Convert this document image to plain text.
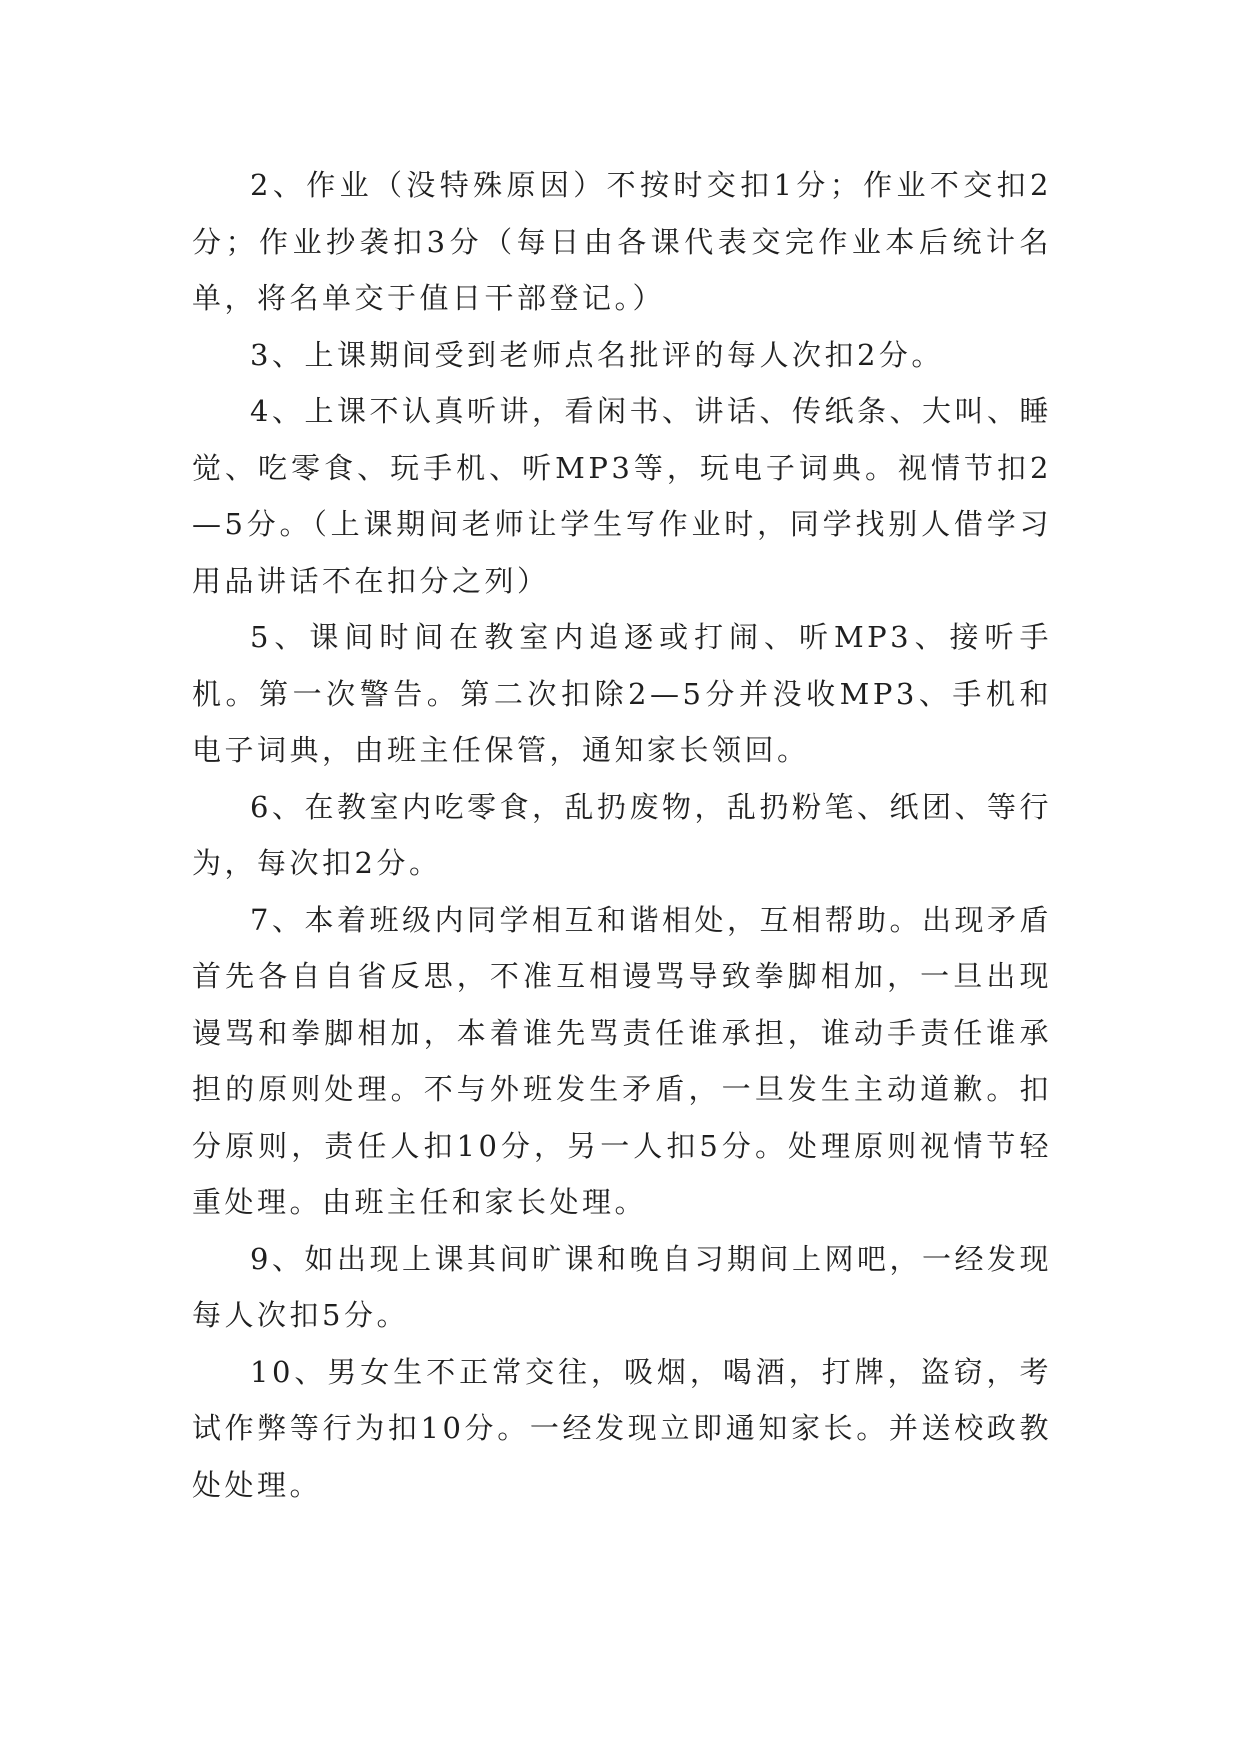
2、作业（没特殊原因）不按时交扣1分；作业不交扣2分；作业抄袭扣3分（每日由各课代表交完作业本后统计名单，将名单交于值日干部登记。）

3、上课期间受到老师点名批评的每人次扣2分。

4、上课不认真听讲，看闲书、讲话、传纸条、大叫、睡觉、吃零食、玩手机、听MP3等，玩电子词典。视情节扣2—5分。（上课期间老师让学生写作业时，同学找别人借学习用品讲话不在扣分之列）

5、课间时间在教室内追逐或打闹、听MP3、接听手机。第一次警告。第二次扣除2—5分并没收MP3、手机和电子词典，由班主任保管，通知家长领回。

6、在教室内吃零食，乱扔废物，乱扔粉笔、纸团、等行为，每次扣2分。

7、本着班级内同学相互和谐相处，互相帮助。出现矛盾首先各自自省反思，不准互相谩骂导致拳脚相加，一旦出现谩骂和拳脚相加，本着谁先骂责任谁承担，谁动手责任谁承担的原则处理。不与外班发生矛盾，一旦发生主动道歉。扣分原则，责任人扣10分，另一人扣5分。处理原则视情节轻重处理。由班主任和家长处理。

9、如出现上课其间旷课和晚自习期间上网吧，一经发现每人次扣5分。

10、男女生不正常交往，吸烟，喝酒，打牌，盗窃，考试作弊等行为扣10分。一经发现立即通知家长。并送校政教处处理。
